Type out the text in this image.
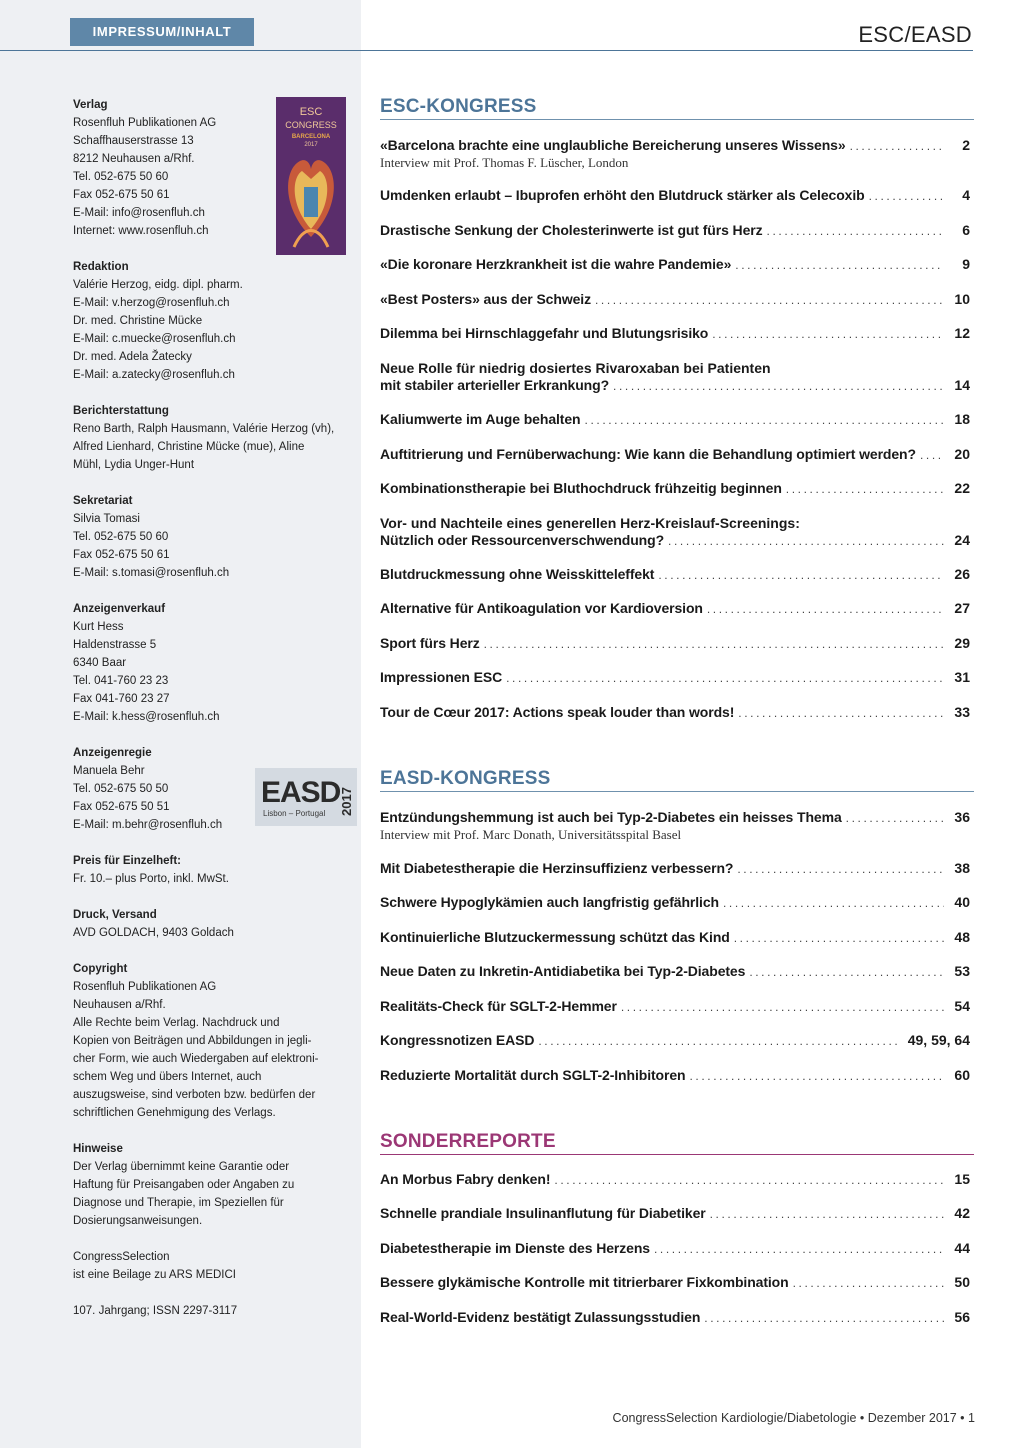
IMPRESSUM/INHALT	ESC/EASD
Verlag
Rosenfluh Publikationen AG
Schaffhauserstrasse 13
8212 Neuhausen a/Rhf.
Tel. 052-675 50 60
Fax 052-675 50 61
E-Mail: info@rosenfluh.ch
Internet: www.rosenfluh.ch
Redaktion
Valérie Herzog, eidg. dipl. pharm.
E-Mail: v.herzog@rosenfluh.ch
Dr. med. Christine Mücke
E-Mail: c.muecke@rosenfluh.ch
Dr. med. Adela Žatecky
E-Mail: a.zatecky@rosenfluh.ch
Berichterstattung
Reno Barth, Ralph Hausmann, Valérie Herzog (vh),
Alfred Lienhard, Christine Mücke (mue), Aline
Mühl, Lydia Unger-Hunt
Sekretariat
Silvia Tomasi
Tel. 052-675 50 60
Fax 052-675 50 61
E-Mail: s.tomasi@rosenfluh.ch
Anzeigenverkauf
Kurt Hess
Haldenstrasse 5
6340 Baar
Tel. 041-760 23 23
Fax 041-760 23 27
E-Mail: k.hess@rosenfluh.ch
Anzeigenregie
Manuela Behr
Tel. 052-675 50 50
Fax 052-675 50 51
E-Mail: m.behr@rosenfluh.ch
Preis für Einzelheft:
Fr. 10.– plus Porto, inkl. MwSt.
Druck, Versand
AVD GOLDACH, 9403 Goldach
Copyright
Rosenfluh Publikationen AG
Neuhausen a/Rhf.
Alle Rechte beim Verlag. Nachdruck und
Kopien von Beiträgen und Abbildungen in jegli-
cher Form, wie auch Wiedergaben auf elektroni-
schem Weg und übers Internet, auch
auszugsweise, sind verboten bzw. bedürfen der
schriftlichen Genehmigung des Verlags.
Hinweise
Der Verlag übernimmt keine Garantie oder
Haftung für Preisangaben oder Angaben zu
Diagnose und Therapie, im Speziellen für
Dosierungsanweisungen.
CongressSelection
ist eine Beilage zu ARS MEDICI
107. Jahrgang; ISSN 2297-3117
ESC
CONGRESS
BARCELONA
2017
EASD
Lisbon – Portugal 2017
ESC-KONGRESS
EASD-KONGRESS
SONDERREPORTE
«Barcelona brachte eine unglaubliche Bereicherung unseres Wissens» .....	2
Interview mit Prof. Thomas F. Lüscher, London
Umdenken erlaubt – Ibuprofen erhöht den Blutdruck stärker als Celecoxib .....	4
Drastische Senkung der Cholesterinwerte ist gut fürs Herz .....	6
«Die koronare Herzkrankheit ist die wahre Pandemie» .....	9
«Best Posters» aus der Schweiz .....	10
Dilemma bei Hirnschlaggefahr und Blutungsrisiko .....	12
Neue Rolle für niedrig dosiertes Rivaroxaban bei Patienten
mit stabiler arterieller Erkrankung? .....	14
Kaliumwerte im Auge behalten .....	18
Auftitrierung und Fernüberwachung: Wie kann die Behandlung optimiert werden? .....	20
Kombinationstherapie bei Bluthochdruck frühzeitig beginnen .....	22
Vor- und Nachteile eines generellen Herz-Kreislauf-Screenings:
Nützlich oder Ressourcenverschwendung? .....	24
Blutdruckmessung ohne Weisskitteleffekt .....	26
Alternative für Antikoagulation vor Kardioversion .....	27
Sport fürs Herz .....	29
Impressionen ESC .....	31
Tour de Cœur 2017: Actions speak louder than words! .....	33
Entzündungshemmung ist auch bei Typ-2-Diabetes ein heisses Thema .....	36
Interview mit Prof. Marc Donath, Universitätsspital Basel
Mit Diabetestherapie die Herzinsuffizienz verbessern? .....	38
Schwere Hypoglykämien auch langfristig gefährlich .....	40
Kontinuierliche Blutzuckermessung schützt das Kind .....	48
Neue Daten zu Inkretin-Antidiabetika bei Typ-2-Diabetes .....	53
Realitäts-Check für SGLT-2-Hemmer .....	54
Kongressnotizen EASD .....	49, 59, 64
Reduzierte Mortalität durch SGLT-2-Inhibitoren .....	60
An Morbus Fabry denken! .....	15
Schnelle prandiale Insulinanflutung für Diabetiker .....	42
Diabetestherapie im Dienste des Herzens .....	44
Bessere glykämische Kontrolle mit titrierbarer Fixkombination .....	50
Real-World-Evidenz bestätigt Zulassungsstudien .....	56
CongressSelection Kardiologie/Diabetologie • Dezember 2017 • 1
